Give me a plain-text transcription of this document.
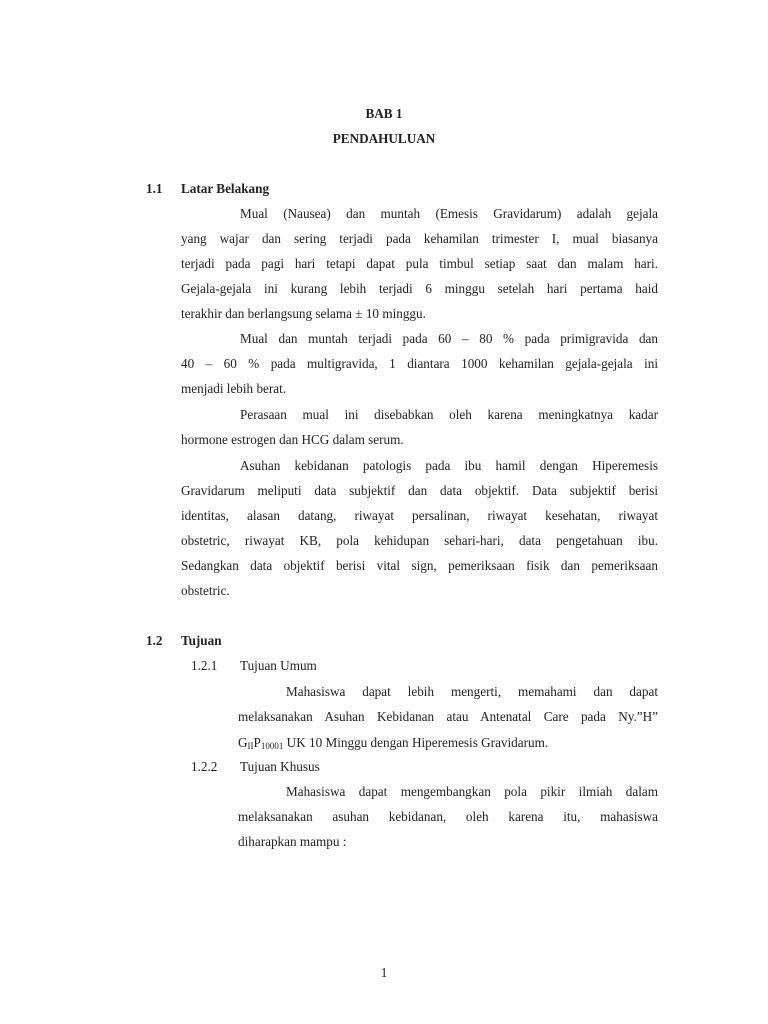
BAB 1

PENDAHULUAN

1.1 Latar Belakang

Mual (Nausea) dan muntah (Emesis Gravidarum) adalah gejala

yang wajar dan sering terjadi pada kehamilan trimester I, mual biasanya

terjadi pada pagi hari tetapi dapat pula timbul setiap saat dan malam hari.

Gejala-gejala ini kurang lebih terjadi 6 minggu setelah hari pertama haid

terakhir dan berlangsung selama ± 10 minggu.

Mual dan muntah terjadi pada 60 – 80 % pada primigravida dan

40 – 60 % pada multigravida, 1 diantara 1000 kehamilan gejala-gejala ini

menjadi lebih berat.

Perasaan mual ini disebabkan oleh karena meningkatnya kadar

hormone estrogen dan HCG dalam serum.

Asuhan kebidanan patologis pada ibu hamil dengan Hiperemesis

Gravidarum meliputi data subjektif dan data objektif. Data subjektif berisi

identitas, alasan datang, riwayat persalinan, riwayat kesehatan, riwayat

obstetric, riwayat KB, pola kehidupan sehari-hari, data pengetahuan ibu.

Sedangkan data objektif berisi vital sign, pemeriksaan fisik dan pemeriksaan

obstetric.

1.2 Tujuan

1.2.1 Tujuan Umum

Mahasiswa dapat lebih mengerti, memahami dan dapat

melaksanakan Asuhan Kebidanan atau Antenatal Care pada Ny.”H”

GIIP10001 UK 10 Minggu dengan Hiperemesis Gravidarum.

1.2.2 Tujuan Khusus

Mahasiswa dapat mengembangkan pola pikir ilmiah dalam

melaksanakan asuhan kebidanan, oleh karena itu, mahasiswa

diharapkan mampu :

1
